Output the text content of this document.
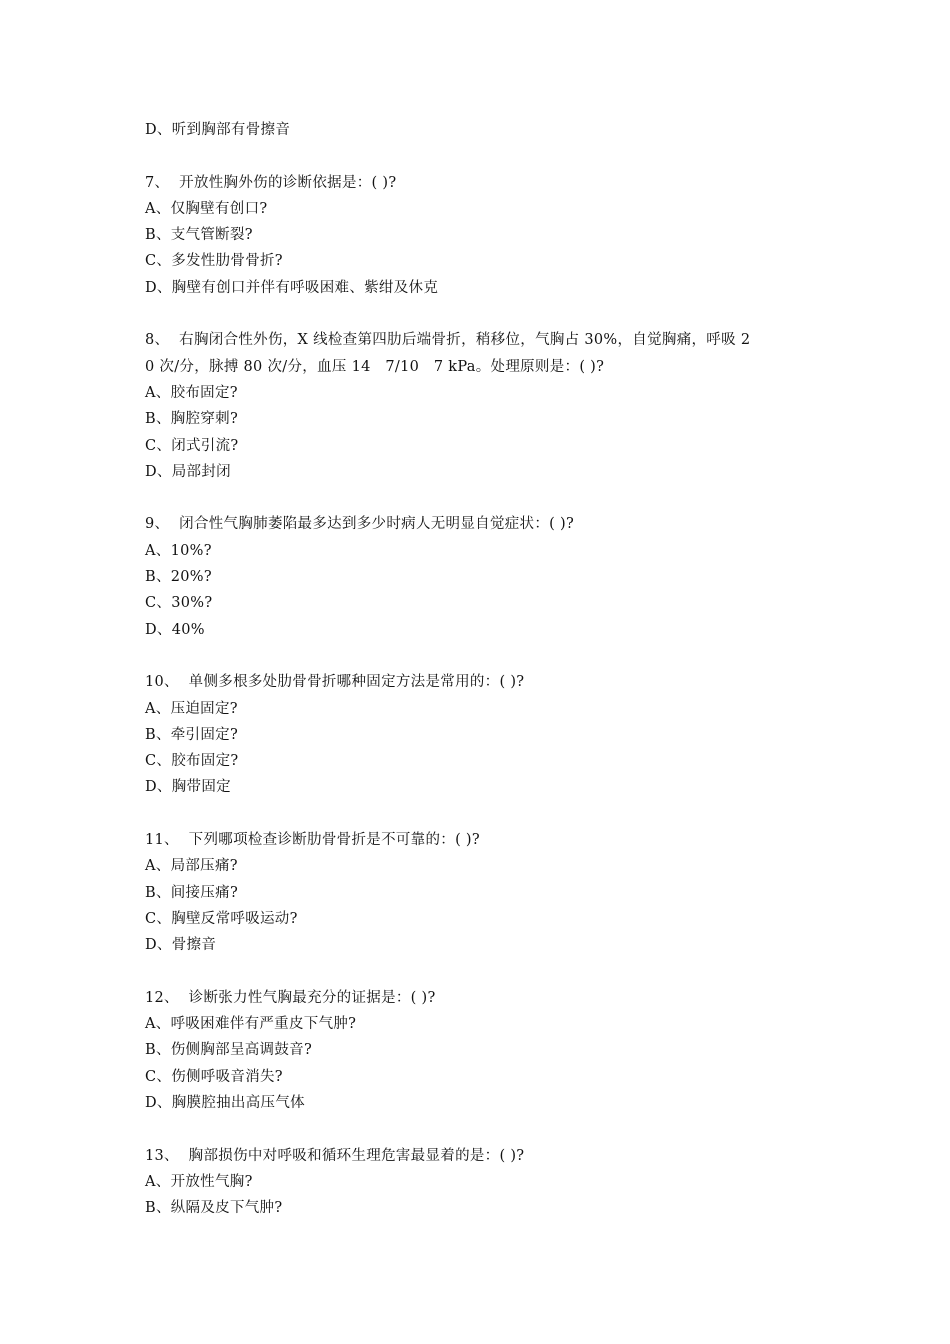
D、听到胸部有骨擦音
7、  开放性胸外伤的诊断依据是：( )?
A、仅胸壁有创口?
B、支气管断裂?
C、多发性肋骨骨折?
D、胸壁有创口并伴有呼吸困难、紫绀及休克
8、  右胸闭合性外伤，X 线检查第四肋后端骨折，稍移位，气胸占 30%，自觉胸痛，呼吸 2
0 次/分，脉搏 80 次/分，血压 14   7/10   7 kPa。处理原则是：( )?
A、胶布固定?
B、胸腔穿刺?
C、闭式引流?
D、局部封闭
9、  闭合性气胸肺萎陷最多达到多少时病人无明显自觉症状：( )?
A、10%?
B、20%?
C、30%?
D、40%
10、  单侧多根多处肋骨骨折哪种固定方法是常用的：( )?
A、压迫固定?
B、牵引固定?
C、胶布固定?
D、胸带固定
11、  下列哪项检查诊断肋骨骨折是不可靠的：( )?
A、局部压痛?
B、间接压痛?
C、胸壁反常呼吸运动?
D、骨擦音
12、  诊断张力性气胸最充分的证据是：( )?
A、呼吸困难伴有严重皮下气肿?
B、伤侧胸部呈高调鼓音?
C、伤侧呼吸音消失?
D、胸膜腔抽出高压气体
13、  胸部损伤中对呼吸和循环生理危害最显着的是：( )?
A、开放性气胸?
B、纵隔及皮下气肿?
